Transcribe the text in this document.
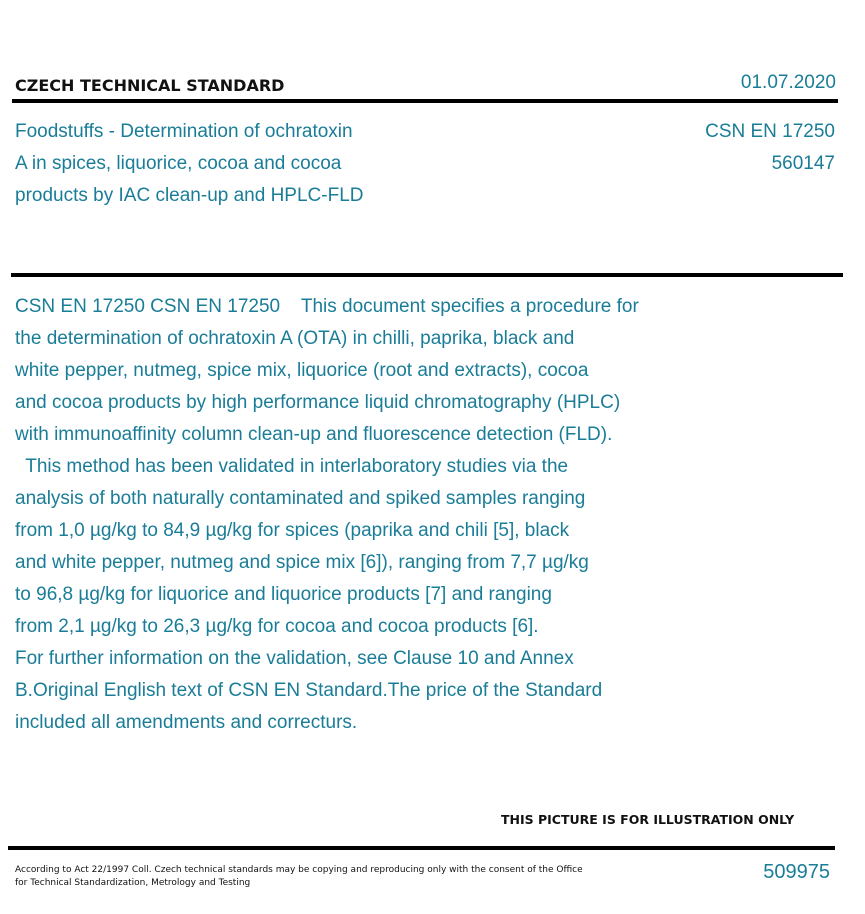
CZECH TECHNICAL STANDARD	01.07.2020
Foodstuffs - Determination of ochratoxin
A in spices, liquorice, cocoa and cocoa
products by IAC clean-up and HPLC-FLD
CSN EN 17250
560147
CSN EN 17250 CSN EN 17250    This document specifies a procedure for
the determination of ochratoxin A (OTA) in chilli, paprika, black and
white pepper, nutmeg, spice mix, liquorice (root and extracts), cocoa
and cocoa products by high performance liquid chromatography (HPLC)
with immunoaffinity column clean-up and fluorescence detection (FLD).
This method has been validated in interlaboratory studies via the
analysis of both naturally contaminated and spiked samples ranging
from 1,0 µg/kg to 84,9 µg/kg for spices (paprika and chili [5], black
and white pepper, nutmeg and spice mix [6]), ranging from 7,7 µg/kg
to 96,8 µg/kg for liquorice and liquorice products [7] and ranging
from 2,1 µg/kg to 26,3 µg/kg for cocoa and cocoa products [6].
For further information on the validation, see Clause 10 and Annex
B.Original English text of CSN EN Standard.The price of the Standard
included all amendments and correcturs.
THIS PICTURE IS FOR ILLUSTRATION ONLY
According to Act 22/1997 Coll. Czech technical standards may be copying and reproducing only with the consent of the Office
for Technical Standardization, Metrology and Testing	509975
